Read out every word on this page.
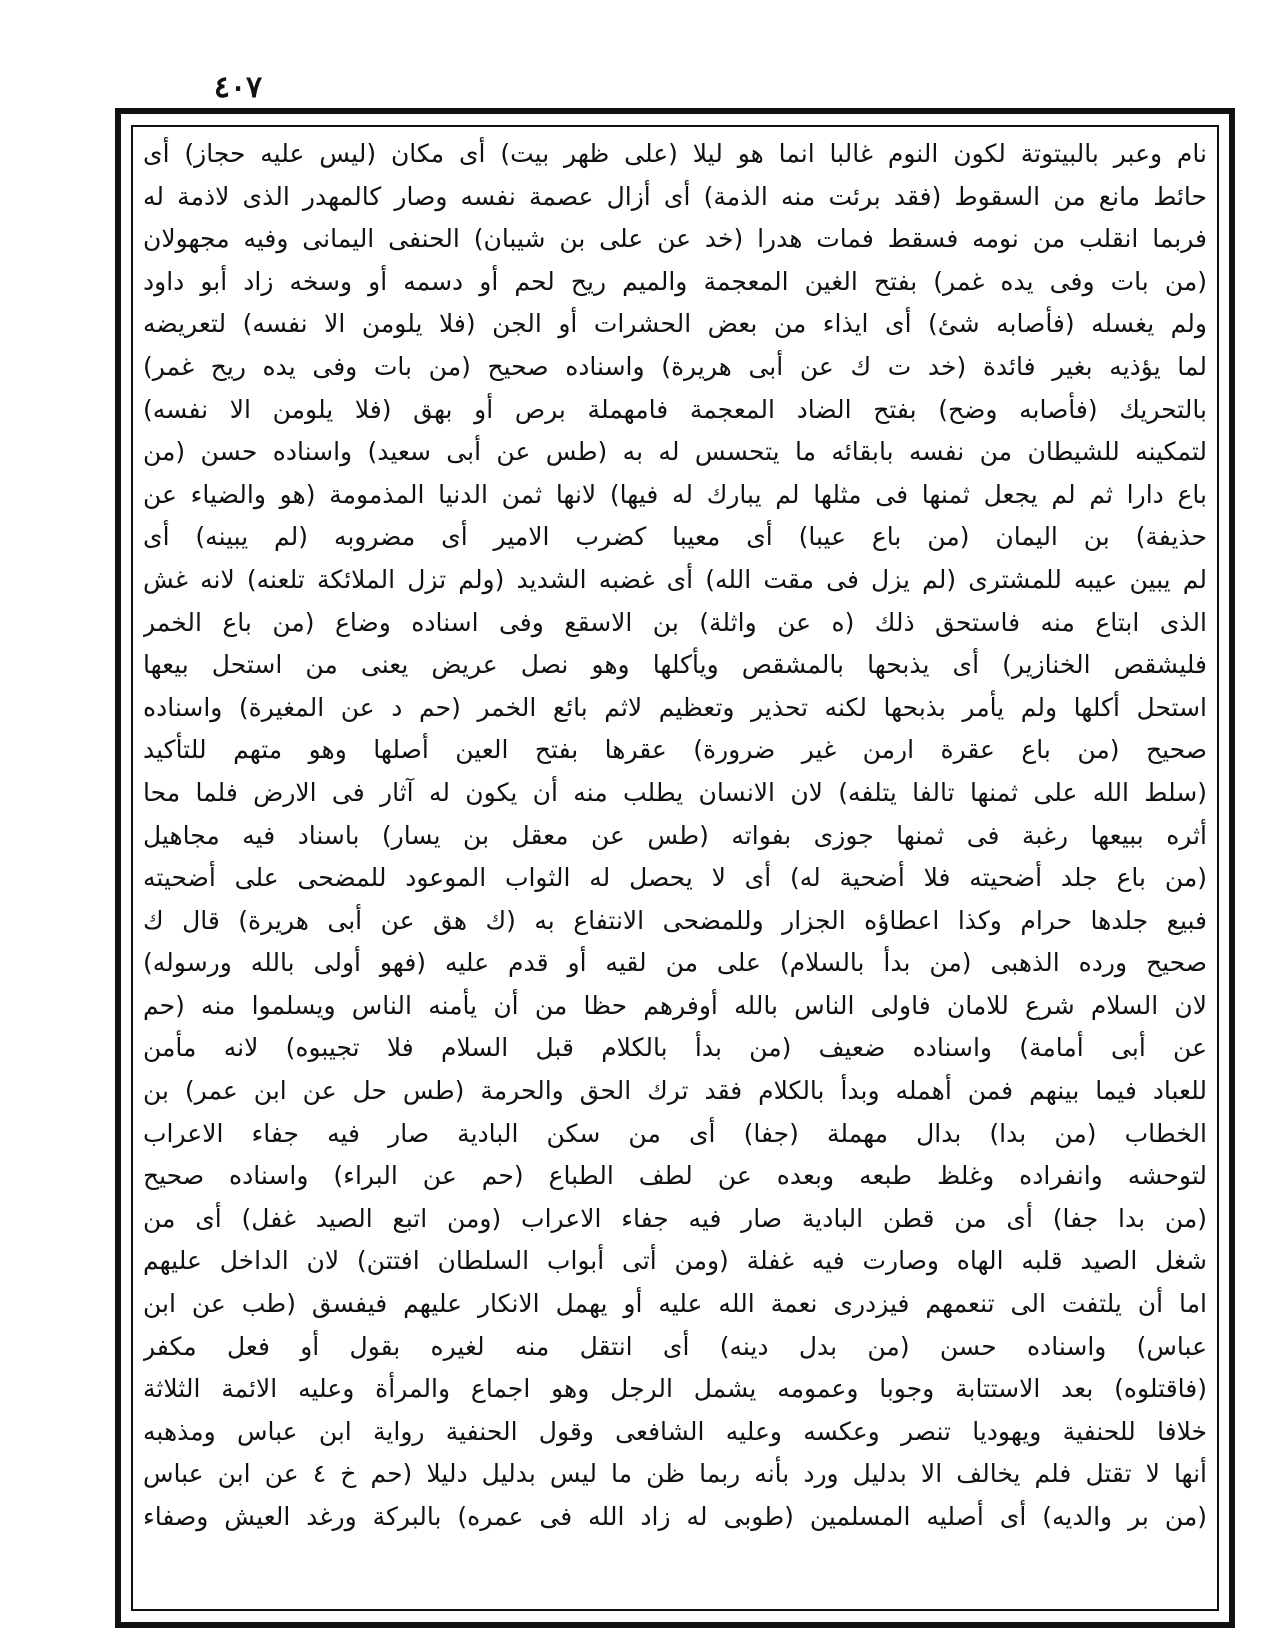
٤٠٧
نام وعبر بالبيتوتة لكون النوم غالبا انما هو ليلا (على ظهر بيت) أى مكان (ليس عليه حجاز) أى
حائط مانع من السقوط (فقد برئت منه الذمة) أى أزال عصمة نفسه وصار كالمهدر الذى لاذمة له
فربما انقلب من نومه فسقط فمات هدرا (خد عن على بن شيبان) الحنفى اليمانى وفيه مجهولان
(من بات وفى يده غمر) بفتح الغين المعجمة والميم ريح لحم أو دسمه أو وسخه زاد أبو داود
ولم يغسله (فأصابه شئ) أى ايذاء من بعض الحشرات أو الجن (فلا يلومن الا نفسه) لتعريضه
لما يؤذيه بغير فائدة (خد ت ك عن أبى هريرة) واسناده صحيح (من بات وفى يده ريح غمر)
بالتحريك (فأصابه وضح) بفتح الضاد المعجمة فامهملة برص أو بهق (فلا يلومن الا نفسه)
لتمكينه للشيطان من نفسه بابقائه ما يتحسس له به (طس عن أبى سعيد) واسناده حسن (من
باع دارا ثم لم يجعل ثمنها فى مثلها لم يبارك له فيها) لانها ثمن الدنيا المذمومة (هو والضياء عن
حذيفة) بن اليمان (من باع عيبا) أى معيبا كضرب الامير أى مضروبه (لم يبينه) أى
لم يبين عيبه للمشترى (لم يزل فى مقت الله) أى غضبه الشديد (ولم تزل الملائكة تلعنه) لانه غش
الذى ابتاع منه فاستحق ذلك (ه عن واثلة) بن الاسقع وفى اسناده وضاع (من باع الخمر
فليشقص الخنازير) أى يذبحها بالمشقص ويأكلها وهو نصل عريض يعنى من استحل بيعها
استحل أكلها ولم يأمر بذبحها لكنه تحذير وتعظيم لاثم بائع الخمر (حم د عن المغيرة) واسناده
صحيح (من باع عقرة ارمن غير ضرورة) عقرها بفتح العين أصلها وهو متهم للتأكيد
(سلط الله على ثمنها تالفا يتلفه) لان الانسان يطلب منه أن يكون له آثار فى الارض فلما محا
أثره ببيعها رغبة فى ثمنها جوزى بفواته (طس عن معقل بن يسار) باسناد فيه مجاهيل
(من باع جلد أضحيته فلا أضحية له) أى لا يحصل له الثواب الموعود للمضحى على أضحيته
فبيع جلدها حرام وكذا اعطاؤه الجزار وللمضحى الانتفاع به (ك هق عن أبى هريرة) قال ك
صحيح ورده الذهبى (من بدأ بالسلام) على من لقيه أو قدم عليه (فهو أولى بالله ورسوله)
لان السلام شرع للامان فاولى الناس بالله أوفرهم حظا من أن يأمنه الناس ويسلموا منه (حم
عن أبى أمامة) واسناده ضعيف (من بدأ بالكلام قبل السلام فلا تجيبوه) لانه مأمن
للعباد فيما بينهم فمن أهمله وبدأ بالكلام فقد ترك الحق والحرمة (طس حل عن ابن عمر) بن
الخطاب (من بدا) بدال مهملة (جفا) أى من سكن البادية صار فيه جفاء الاعراب
لتوحشه وانفراده وغلظ طبعه وبعده عن لطف الطباع (حم عن البراء) واسناده صحيح
(من بدا جفا) أى من قطن البادية صار فيه جفاء الاعراب (ومن اتبع الصيد غفل) أى من
شغل الصيد قلبه الهاه وصارت فيه غفلة (ومن أتى أبواب السلطان افتتن) لان الداخل عليهم
اما أن يلتفت الى تنعمهم فيزدرى نعمة الله عليه أو يهمل الانكار عليهم فيفسق (طب عن ابن
عباس) واسناده حسن (من بدل دينه) أى انتقل منه لغيره بقول أو فعل مكفر
(فاقتلوه) بعد الاستتابة وجوبا وعمومه يشمل الرجل وهو اجماع والمرأة وعليه الائمة الثلاثة
خلافا للحنفية ويهوديا تنصر وعكسه وعليه الشافعى وقول الحنفية رواية ابن عباس ومذهبه
أنها لا تقتل فلم يخالف الا بدليل ورد بأنه ربما ظن ما ليس بدليل دليلا (حم خ ٤ عن ابن عباس
(من بر والديه) أى أصليه المسلمين (طوبى له زاد الله فى عمره) بالبركة ورغد العيش وصفاء
